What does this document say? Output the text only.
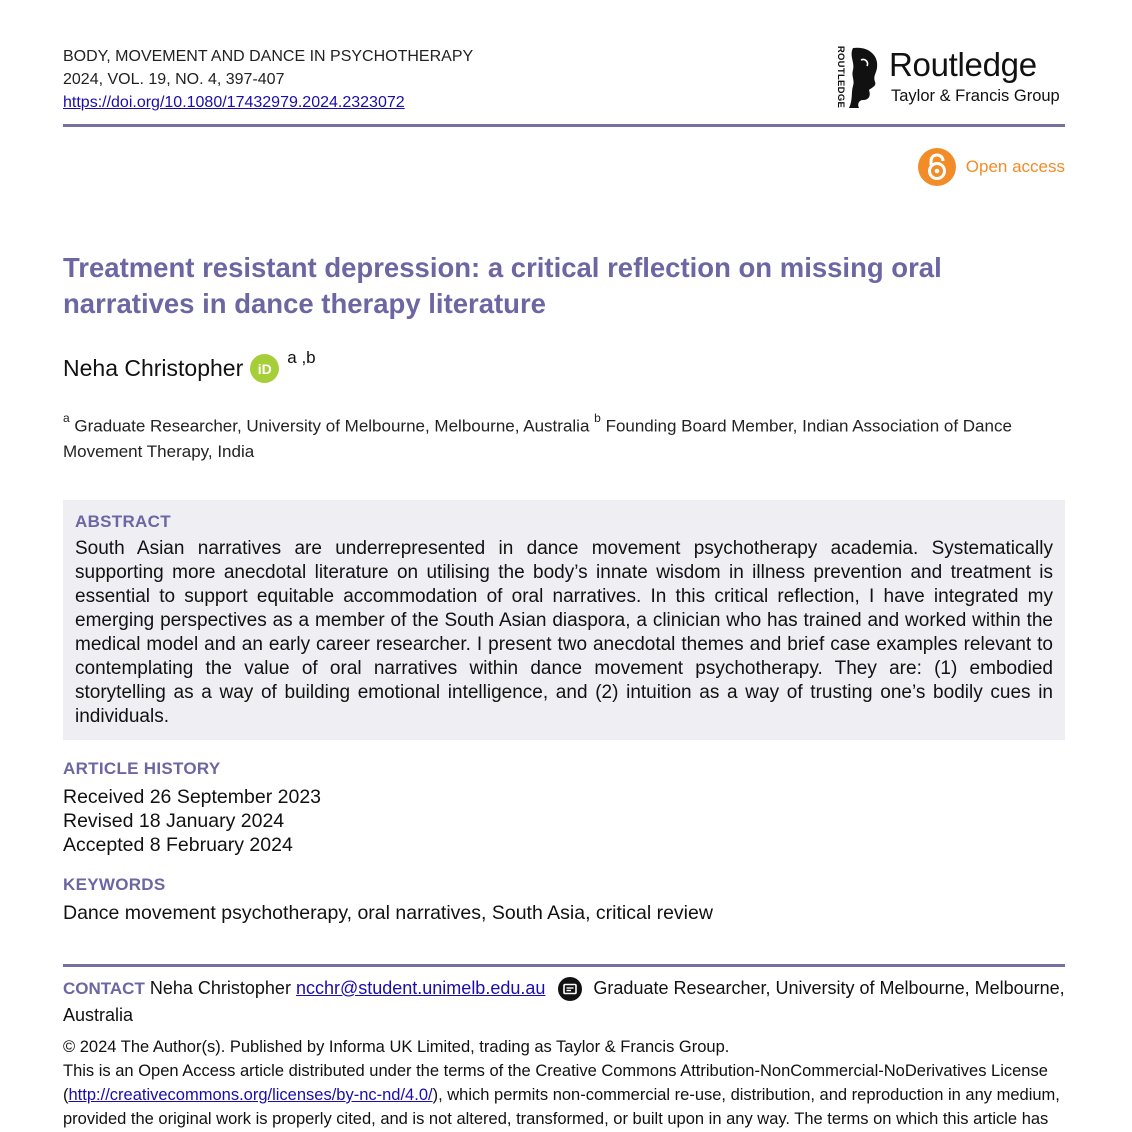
BODY, MOVEMENT AND DANCE IN PSYCHOTHERAPY
2024, VOL. 19, NO. 4, 397-407
https://doi.org/10.1080/17432979.2024.2323072	ROUTLEDGE Routledge
Taylor & Francis Group
Open access
Treatment resistant depression: a critical reflection on missing oral narratives in dance therapy literature
Neha Christopher	iD
$^{a ,b}$
$^a$ Graduate Researcher, University of Melbourne, Melbourne, Australia $^b$ Founding Board Member, Indian Association of Dance Movement Therapy, India
ABSTRACT

South Asian narratives are underrepresented in dance movement psychotherapy academia. Systematically supporting more anecdotal literature on utilising the body’s innate wisdom in illness prevention and treatment is essential to support equitable accommodation of oral narratives. In this critical reflection, I have integrated my emerging perspectives as a member of the South Asian diaspora, a clinician who has trained and worked within the medical model and an early career researcher. I present two anecdotal themes and brief case examples relevant to contemplating the value of oral narratives within dance movement psychotherapy. They are: (1) embodied storytelling as a way of building emotional intelligence, and (2) intuition as a way of trusting one’s bodily cues in individuals.

ARTICLE HISTORY
Received 26 September 2023
Revised 18 January 2024
Accepted 8 February 2024
KEYWORDS
Dance movement psychotherapy, oral narratives, South Asia, critical review
CONTACT Neha Christopher ncchr@student.unimelb.edu.au	Graduate Researcher, University of Melbourne, Melbourne, Australia
© 2024 The Author(s). Published by Informa UK Limited, trading as Taylor & Francis Group.
This is an Open Access article distributed under the terms of the Creative Commons Attribution-NonCommercial-NoDerivatives License (http://creativecommons.org/licenses/by-nc-nd/4.0/), which permits non-commercial re-use, distribution, and reproduction in any medium, provided the original work is properly cited, and is not altered, transformed, or built upon in any way. The terms on which this article has
